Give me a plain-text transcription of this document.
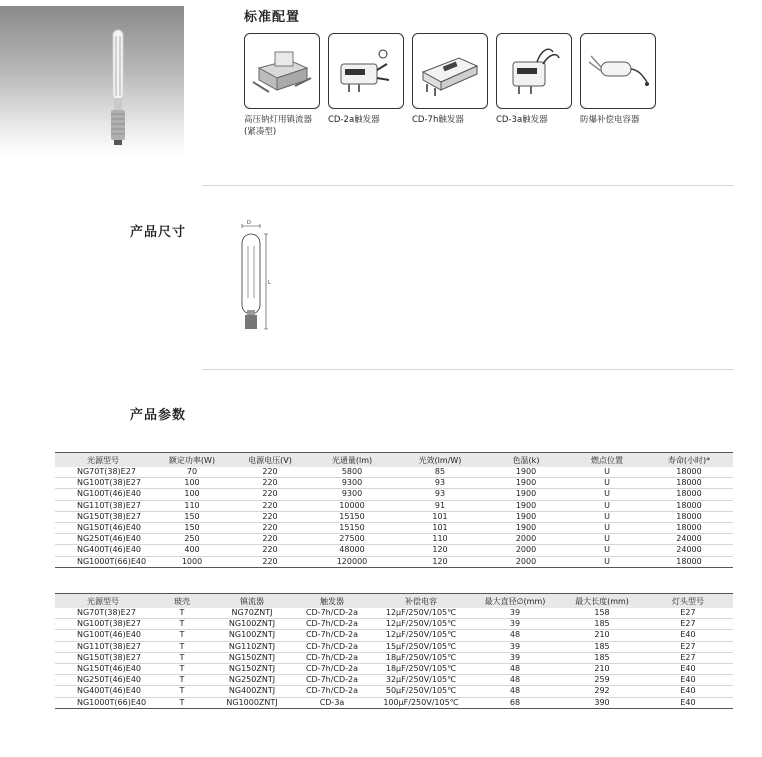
标准配置
高压钠灯用镇流器
(紧凑型)
CD-2a触发器	CD-7h触发器	CD-3a触发器	防爆补偿电容器
产品尺寸
D
L
产品参数
光源型号	额定功率(W)	电源电压(V)	光通量(lm)	光效(lm/W)	色温(k)	燃点位置	寿命(小时)*
NG70T(38)E27	70	220	5800	85	1900	U	18000
NG100T(38)E27	100	220	9300	93	1900	U	18000
NG100T(46)E40	100	220	9300	93	1900	U	18000
NG110T(38)E27	110	220	10000	91	1900	U	18000
NG150T(38)E27	150	220	15150	101	1900	U	18000
NG150T(46)E40	150	220	15150	101	1900	U	18000
NG250T(46)E40	250	220	27500	110	2000	U	24000
NG400T(46)E40	400	220	48000	120	2000	U	24000
NG1000T(66)E40	1000	220	120000	120	2000	U	18000
光源型号	玻壳	镇流器	触发器	补偿电容	最大直径∅(mm)	最大长度(mm)	灯头型号
NG70T(38)E27	T	NG70ZNTJ	CD-7h/CD-2a	12μF/250V/105℃	39	158	E27
NG100T(38)E27	T	NG100ZNTJ	CD-7h/CD-2a	12μF/250V/105℃	39	185	E27
NG100T(46)E40	T	NG100ZNTJ	CD-7h/CD-2a	12μF/250V/105℃	48	210	E40
NG110T(38)E27	T	NG110ZNTJ	CD-7h/CD-2a	15μF/250V/105℃	39	185	E27
NG150T(38)E27	T	NG150ZNTJ	CD-7h/CD-2a	18μF/250V/105℃	39	185	E27
NG150T(46)E40	T	NG150ZNTJ	CD-7h/CD-2a	18μF/250V/105℃	48	210	E40
NG250T(46)E40	T	NG250ZNTJ	CD-7h/CD-2a	32μF/250V/105℃	48	259	E40
NG400T(46)E40	T	NG400ZNTJ	CD-7h/CD-2a	50μF/250V/105℃	48	292	E40
NG1000T(66)E40	T	NG1000ZNTJ	CD-3a	100μF/250V/105℃	68	390	E40
